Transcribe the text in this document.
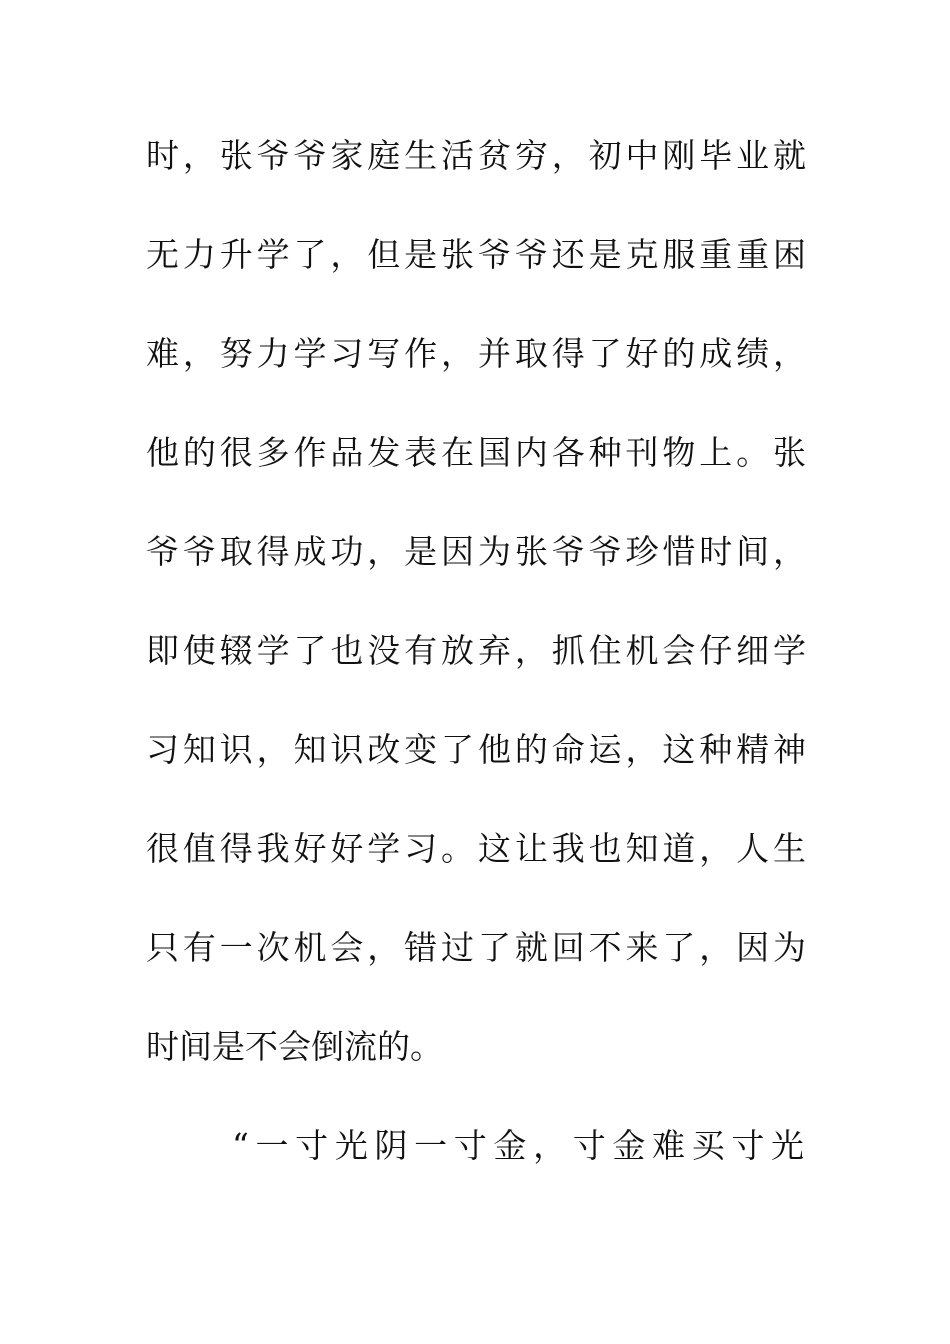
时，张爷爷家庭生活贫穷，初中刚毕业就
无力升学了，但是张爷爷还是克服重重困
难，努力学习写作，并取得了好的成绩，
他的很多作品发表在国内各种刊物上。张
爷爷取得成功，是因为张爷爷珍惜时间，
即使辍学了也没有放弃，抓住机会仔细学
习知识，知识改变了他的命运，这种精神
很值得我好好学习。这让我也知道，人生
只有一次机会，错过了就回不来了，因为
时间是不会倒流的。
“一寸光阴一寸金，寸金难买寸光
